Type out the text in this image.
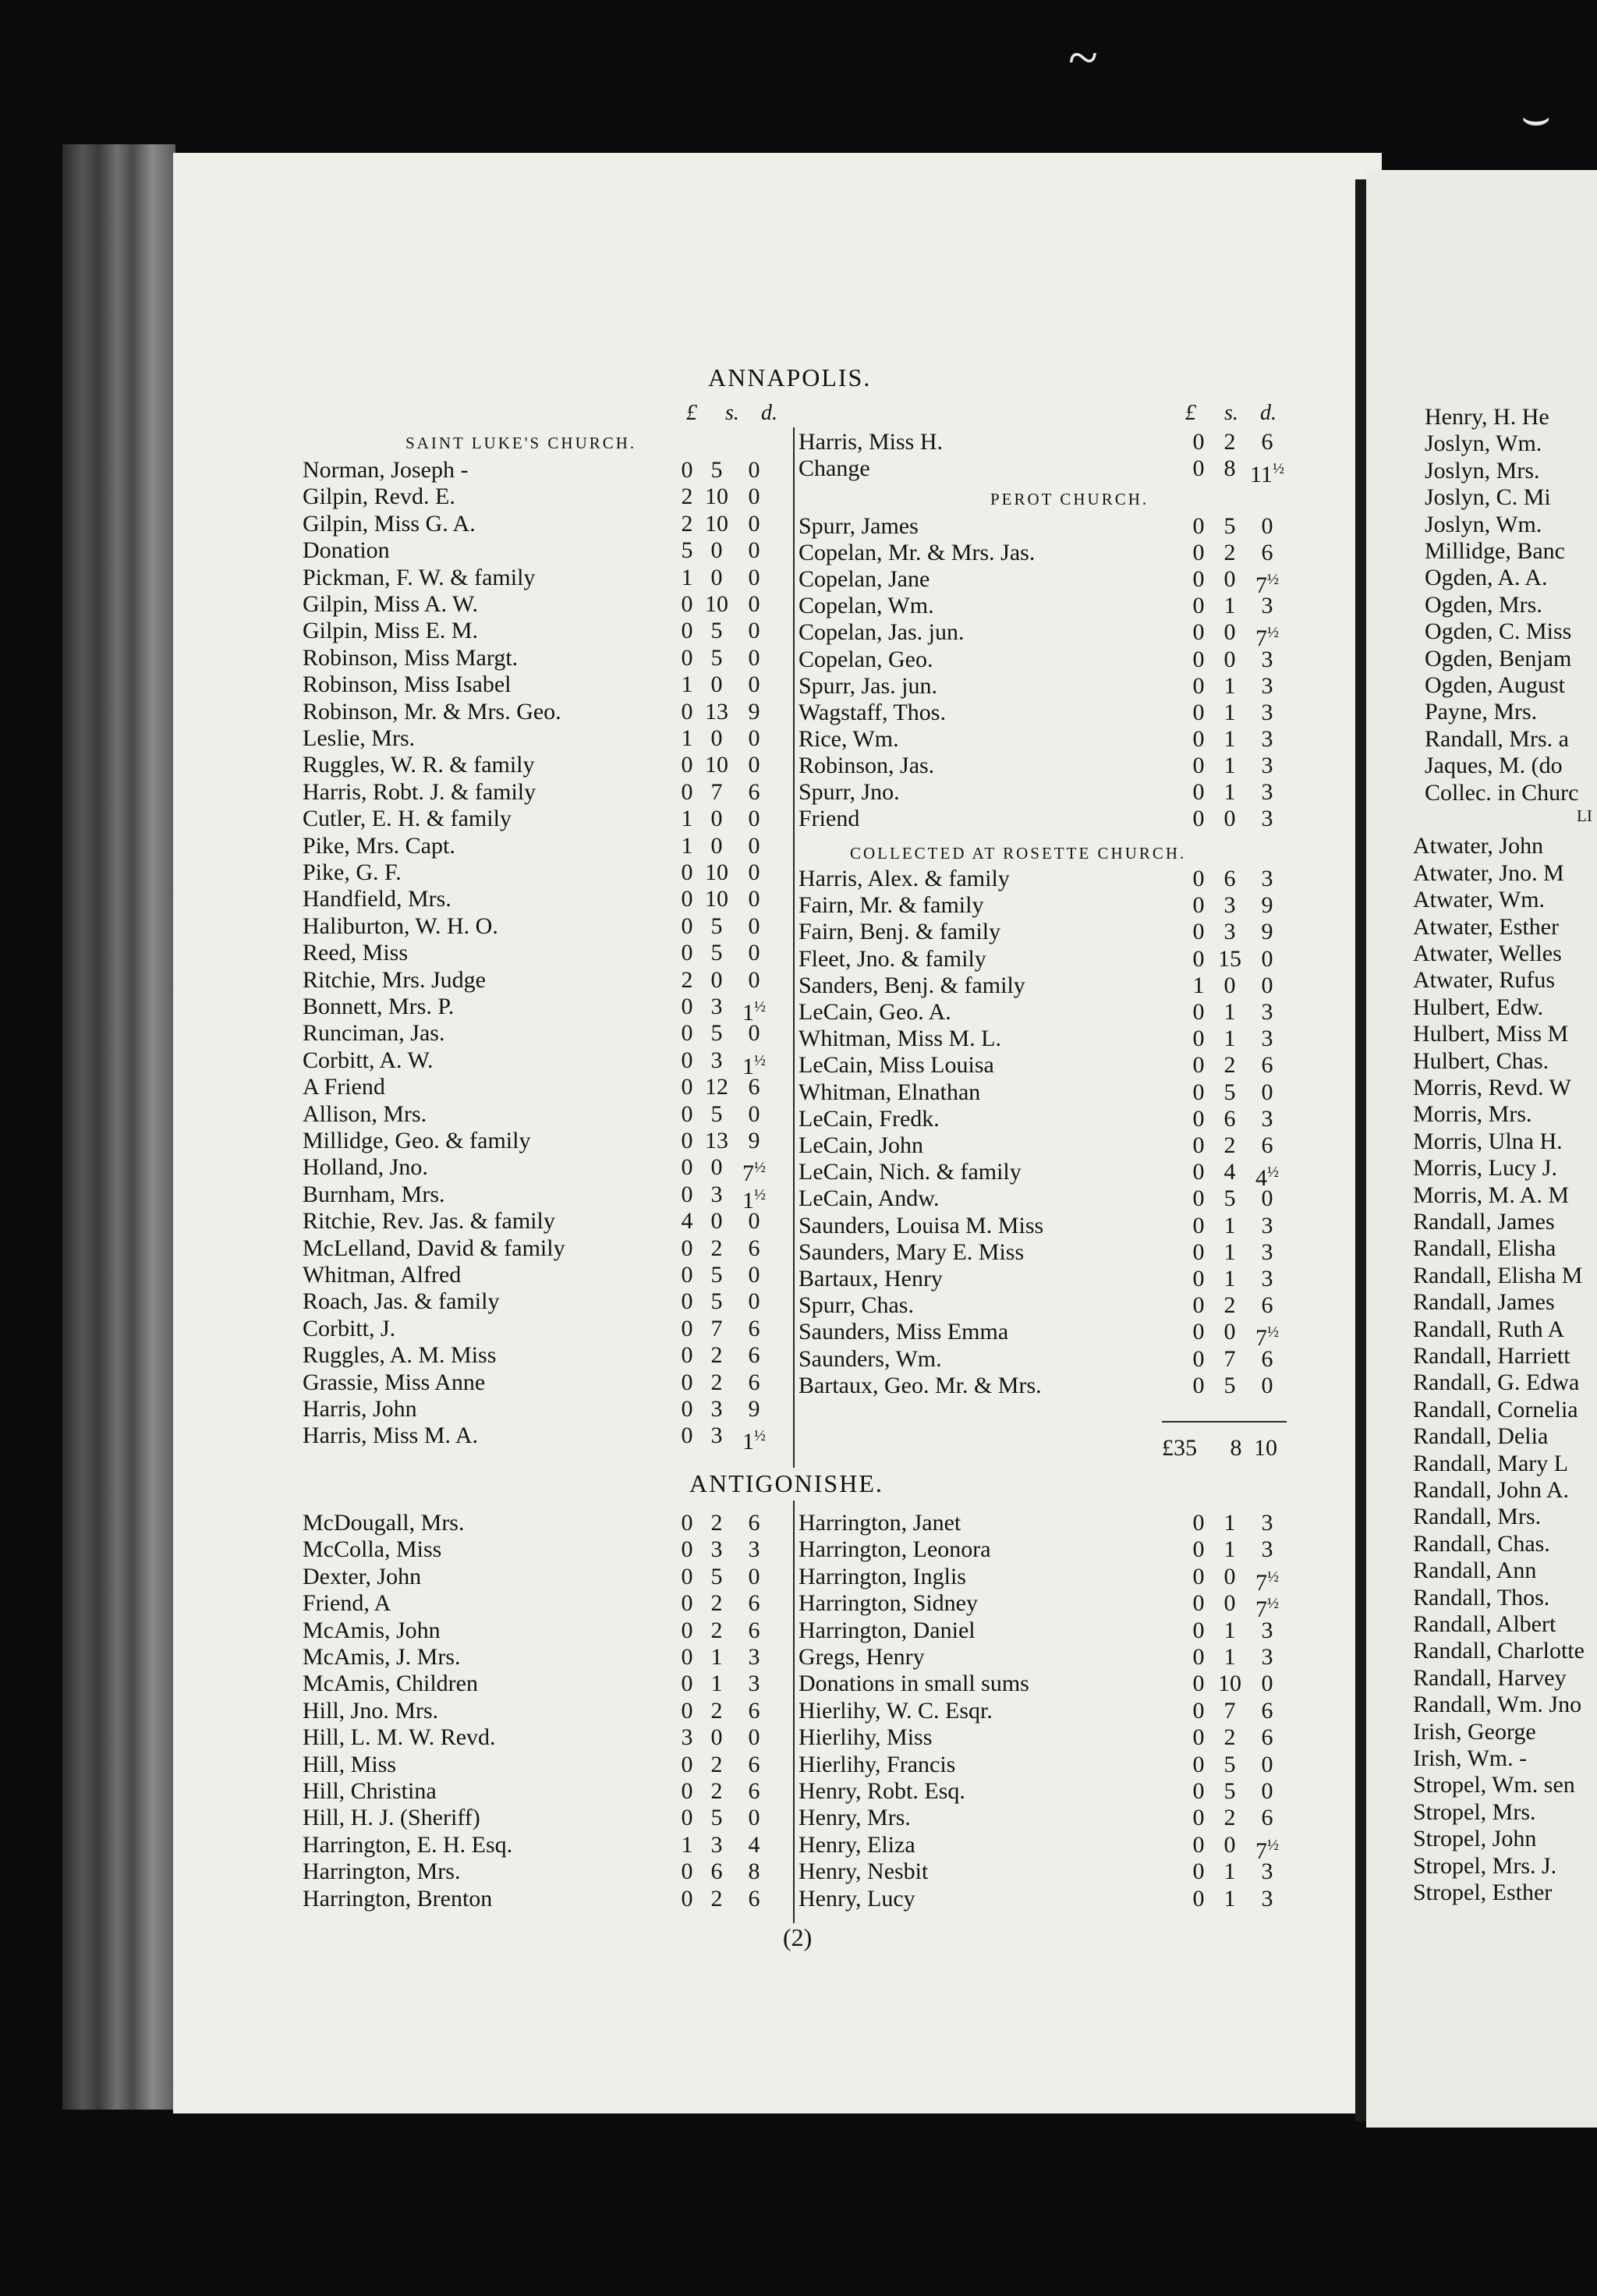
Henry, H. He
Joslyn, Wm.
Joslyn, Mrs.
Joslyn, C. Mi
Joslyn, Wm.
Millidge, Banc
Ogden, A. A.
Ogden, Mrs.
Ogden, C. Miss
Ogden, Benjam
Ogden, August
Payne, Mrs.
Randall, Mrs. a
Jaques, M. (do
Collec. in Churc
LI
Atwater, John
Atwater, Jno. M
Atwater, Wm.
Atwater, Esther
Atwater, Welles
Atwater, Rufus
Hulbert, Edw.
Hulbert, Miss M
Hulbert, Chas.
Morris, Revd. W
Morris, Mrs.
Morris, Ulna H.
Morris, Lucy J.
Morris, M. A. M
Randall, James
Randall, Elisha
Randall, Elisha M
Randall, James
Randall, Ruth A
Randall, Harriett
Randall, G. Edwa
Randall, Cornelia
Randall, Delia
Randall, Mary L
Randall, John A.
Randall, Mrs.
Randall, Chas.
Randall, Ann
Randall, Thos.
Randall, Albert
Randall, Charlotte
Randall, Harvey
Randall, Wm. Jno
Irish, George
Irish, Wm. -
Stropel, Wm. sen
Stropel, Mrs.
Stropel, John
Stropel, Mrs. J.
Stropel, Esther
~
⌣
ANNAPOLIS.
ANTIGONISHE.
£ s. d.	£ s. d.
SAINT LUKE'S CHURCH.
PEROT CHURCH.
COLLECTED AT ROSETTE CHURCH.
£35	8 10
Norman, Joseph -	0 5	0
Gilpin, Revd. E.	2 10 0
Gilpin, Miss G. A.	2 10 0
Donation	5 0	0
Pickman, F. W. & family	1 0	0
Gilpin, Miss A. W.	0 10 0
Gilpin, Miss E. M.	0 5	0
Robinson, Miss Margt.	0 5	0
Robinson, Miss Isabel	1 0	0
Robinson, Mr. & Mrs. Geo.	0 13 9
Leslie, Mrs.	1 0	0
Ruggles, W. R. & family	0 10 0
Harris, Robt. J. & family	0 7	6
Cutler, E. H. & family	1 0	0
Pike, Mrs. Capt.	1 0	0
Pike, G. F.	0 10 0
Handfield, Mrs.	0 10 0
Haliburton, W. H. O.	0 5	0
Reed, Miss	0 5	0
Ritchie, Mrs. Judge	2 0	0
Bonnett, Mrs. P.	0 3 $1^{\frac{1}{2}}$
Runciman, Jas.	0 5	0
Corbitt, A. W.	0 3 $1^{\frac{1}{2}}$
A Friend	0 12 6
Allison, Mrs.	0 5	0
Millidge, Geo. & family	0 13 9
Holland, Jno.	0 0 $7^{\frac{1}{2}}$
Burnham, Mrs.	0 3 $1^{\frac{1}{2}}$
Ritchie, Rev. Jas. & family	4 0	0
McLelland, David & family	0 2	6
Whitman, Alfred	0 5	0
Roach, Jas. & family	0 5	0
Corbitt, J.	0 7	6
Ruggles, A. M. Miss	0 2	6
Grassie, Miss Anne	0 2	6
Harris, John	0 3	9
Harris, Miss M. A.	0 3 $1^{\frac{1}{2}}$
Harris, Miss H.	0 2	6
Change	0 8 $11^{\frac{1}{2}}$
Spurr, James	0 5	0
Copelan, Mr. & Mrs. Jas.	0 2	6
Copelan, Jane	0 0 $7^{\frac{1}{2}}$
Copelan, Wm.	0 1	3
Copelan, Jas. jun.	0 0 $7^{\frac{1}{2}}$
Copelan, Geo.	0 0	3
Spurr, Jas. jun.	0 1	3
Wagstaff, Thos.	0 1	3
Rice, Wm.	0 1	3
Robinson, Jas.	0 1	3
Spurr, Jno.	0 1	3
Friend	0 0	3
Harris, Alex. & family	0 6	3
Fairn, Mr. & family	0 3	9
Fairn, Benj. & family	0 3	9
Fleet, Jno. & family	0 15 0
Sanders, Benj. & family	1 0	0
LeCain, Geo. A.	0 1	3
Whitman, Miss M. L.	0 1	3
LeCain, Miss Louisa	0 2	6
Whitman, Elnathan	0 5	0
LeCain, Fredk.	0 6	3
LeCain, John	0 2	6
LeCain, Nich. & family	0 4 $4^{\frac{1}{2}}$
LeCain, Andw.	0 5	0
Saunders, Louisa M. Miss	0 1	3
Saunders, Mary E. Miss	0 1	3
Bartaux, Henry	0 1	3
Spurr, Chas.	0 2	6
Saunders, Miss Emma	0 0 $7^{\frac{1}{2}}$
Saunders, Wm.	0 7	6
Bartaux, Geo. Mr. & Mrs.	0 5	0
McDougall, Mrs.	0 2	6
McColla, Miss	0 3	3
Dexter, John	0 5	0
Friend, A	0 2	6
McAmis, John	0 2	6
McAmis, J. Mrs.	0 1	3
McAmis, Children	0 1	3
Hill, Jno. Mrs.	0 2	6
Hill, L. M. W. Revd.	3 0	0
Hill, Miss	0 2	6
Hill, Christina	0 2	6
Hill, H. J. (Sheriff)	0 5	0
Harrington, E. H. Esq.	1 3	4
Harrington, Mrs.	0 6	8
Harrington, Brenton	0 2	6
Harrington, Janet	0 1	3
Harrington, Leonora	0 1	3
Harrington, Inglis	0 0 $7^{\frac{1}{2}}$
Harrington, Sidney	0 0 $7^{\frac{1}{2}}$
Harrington, Daniel	0 1	3
Gregs, Henry	0 1	3
Donations in small sums	0 10 0
Hierlihy, W. C. Esqr.	0 7	6
Hierlihy, Miss	0 2	6
Hierlihy, Francis	0 5	0
Henry, Robt. Esq.	0 5	0
Henry, Mrs.	0 2	6
Henry, Eliza	0 0 $7^{\frac{1}{2}}$
Henry, Nesbit	0 1	3
Henry, Lucy	0 1	3
(2)
